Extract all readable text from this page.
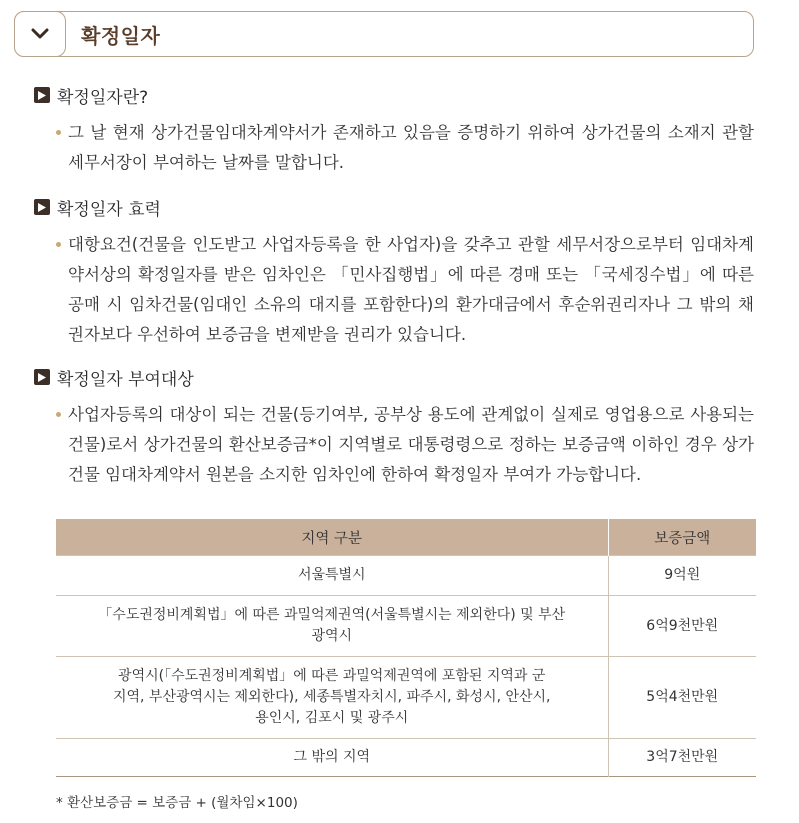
확정일자
확정일자란?
그 날 현재 상가건물임대차계약서가 존재하고 있음을 증명하기 위하여 상가건물의 소재지 관할 세무서장이 부여하는 날짜를 말합니다.
확정일자 효력
대항요건(건물을 인도받고 사업자등록을 한 사업자)을 갖추고 관할 세무서장으로부터 임대차계약서상의 확정일자를 받은 임차인은 「민사집행법」에 따른 경매 또는 「국세징수법」에 따른 공매 시 임차건물(임대인 소유의 대지를 포함한다)의 환가대금에서 후순위권리자나 그 밖의 채권자보다 우선하여 보증금을 변제받을 권리가 있습니다.
확정일자 부여대상
사업자등록의 대상이 되는 건물(등기여부, 공부상 용도에 관계없이 실제로 영업용으로 사용되는 건물)로서 상가건물의 환산보증금*이 지역별로 대통령령으로 정하는 보증금액 이하인 경우 상가건물 임대차계약서 원본을 소지한 임차인에 한하여 확정일자 부여가 가능합니다.
지역 구분	보증금액
서울특별시	9억원

「수도권정비계획법」에 따른 과밀억제권역(서울특별시는 제외한다) 및 부산광역시	6억9천만원

광역시(「수도권정비계획법」에 따른 과밀억제권역에 포함된 지역과 군지역, 부산광역시는 제외한다), 세종특별자치시, 파주시, 화성시, 안산시, 용인시, 김포시 및 광주시	5억4천만원
그 밖의 지역	3억7천만원
* 환산보증금 = 보증금 + (월차임×100)
